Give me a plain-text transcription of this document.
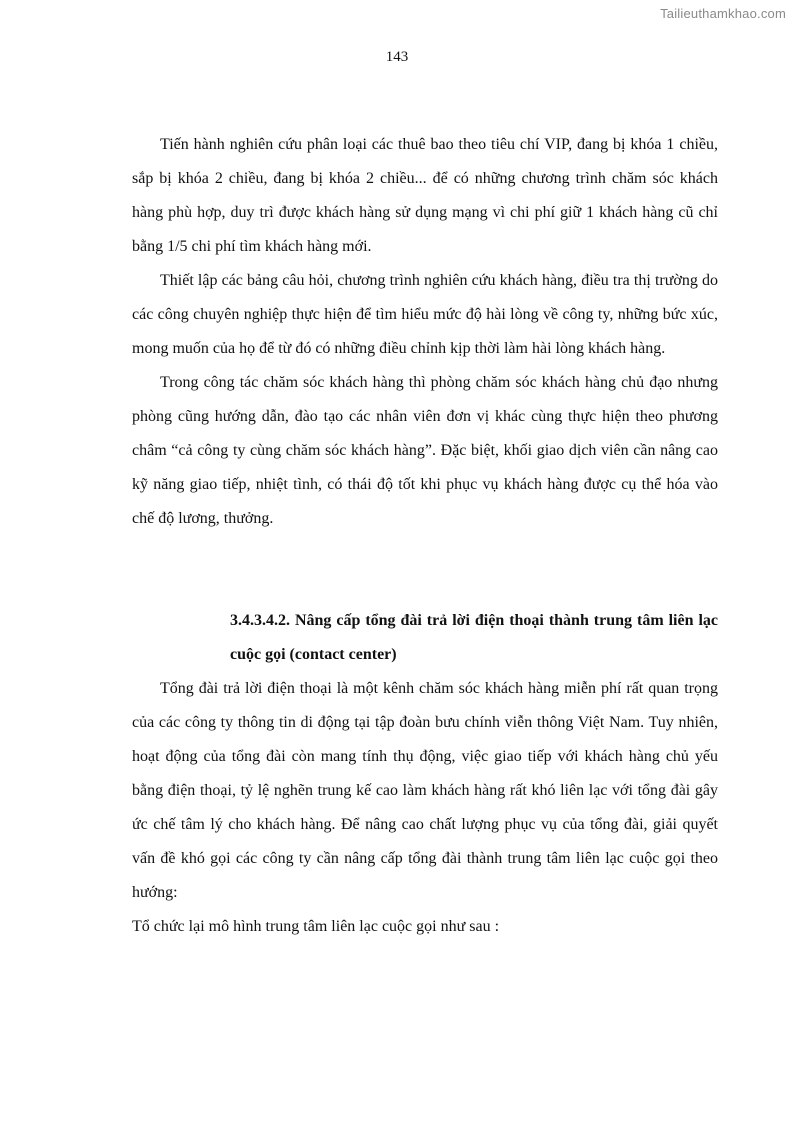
Tailieuthamkhao.com
143

Tiến hành nghiên cứu phân loại các thuê bao theo tiêu chí VIP, đang bị khóa 1 chiều, sắp bị khóa 2 chiều, đang bị khóa 2 chiều... để có những chương trình chăm sóc khách hàng phù hợp, duy trì được khách hàng sử dụng mạng vì chi phí giữ 1 khách hàng cũ chỉ bằng 1/5 chi phí tìm khách hàng mới.

Thiết lập các bảng câu hỏi, chương trình nghiên cứu khách hàng, điều tra thị trường do các công chuyên nghiệp thực hiện để tìm hiểu mức độ hài lòng về công ty, những bức xúc, mong muốn của họ để từ đó có những điều chỉnh kịp thời làm hài lòng khách hàng.

Trong công tác chăm sóc khách hàng thì phòng chăm sóc khách hàng chủ đạo nhưng phòng cũng hướng dẫn, đào tạo các nhân viên đơn vị khác cùng thực hiện theo phương châm “cả công ty cùng chăm sóc khách hàng”. Đặc biệt, khối giao dịch viên cần nâng cao kỹ năng giao tiếp, nhiệt tình, có thái độ tốt khi phục vụ khách hàng được cụ thể hóa vào chế độ lương, thưởng.

3.4.3.4.2. Nâng cấp tổng đài trả lời điện thoại thành trung tâm liên lạc cuộc gọi (contact center)

Tổng đài trả lời điện thoại là một kênh chăm sóc khách hàng miễn phí rất quan trọng của các công ty thông tin di động tại tập đoàn bưu chính viễn thông Việt Nam. Tuy nhiên, hoạt động của tổng đài còn mang tính thụ động, việc giao tiếp với khách hàng chủ yếu bằng điện thoại, tỷ lệ nghẽn trung kế cao làm khách hàng rất khó liên lạc với tổng đài gây ức chế tâm lý cho khách hàng. Để nâng cao chất lượng phục vụ của tổng đài, giải quyết vấn đề khó gọi các công ty cần nâng cấp tổng đài thành trung tâm liên lạc cuộc gọi theo hướng:

Tổ chức lại mô hình trung tâm liên lạc cuộc gọi như sau :
